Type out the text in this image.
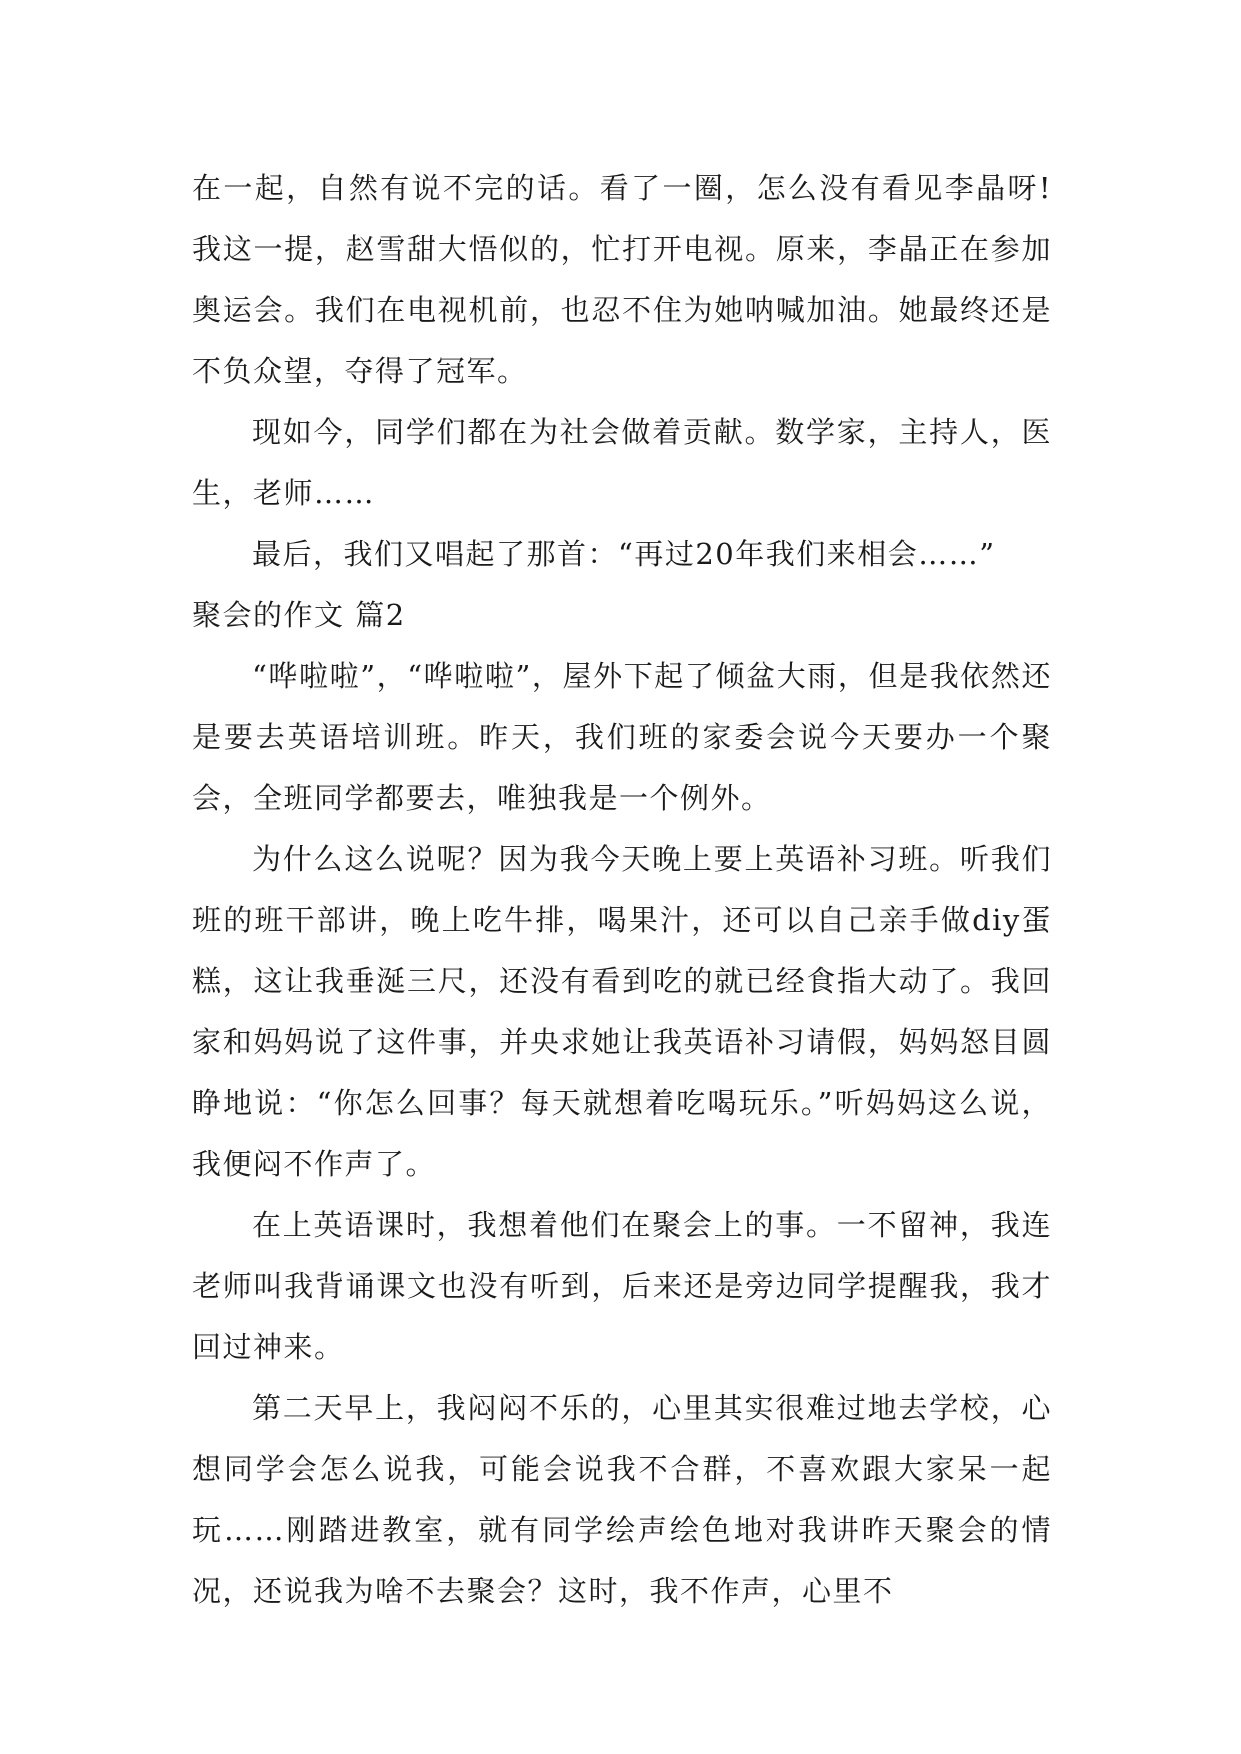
在一起，自然有说不完的话。看了一圈，怎么没有看见李晶呀!我这一提，赵雪甜大悟似的，忙打开电视。原来，李晶正在参加奥运会。我们在电视机前，也忍不住为她呐喊加油。她最终还是不负众望，夺得了冠军。

现如今，同学们都在为社会做着贡献。数学家，主持人，医生，老师……

最后，我们又唱起了那首：“再过20年我们来相会……”

聚会的作文 篇2

“哗啦啦”，“哗啦啦”，屋外下起了倾盆大雨，但是我依然还是要去英语培训班。昨天，我们班的家委会说今天要办一个聚会，全班同学都要去，唯独我是一个例外。

为什么这么说呢？因为我今天晚上要上英语补习班。听我们班的班干部讲，晚上吃牛排，喝果汁，还可以自己亲手做diy蛋糕，这让我垂涎三尺，还没有看到吃的就已经食指大动了。我回家和妈妈说了这件事，并央求她让我英语补习请假，妈妈怒目圆睁地说：“你怎么回事？每天就想着吃喝玩乐。”听妈妈这么说，我便闷不作声了。

在上英语课时，我想着他们在聚会上的事。一不留神，我连老师叫我背诵课文也没有听到，后来还是旁边同学提醒我，我才回过神来。

第二天早上，我闷闷不乐的，心里其实很难过地去学校，心想同学会怎么说我，可能会说我不合群，不喜欢跟大家呆一起玩……刚踏进教室，就有同学绘声绘色地对我讲昨天聚会的情况，还说我为啥不去聚会？这时，我不作声，心里不
